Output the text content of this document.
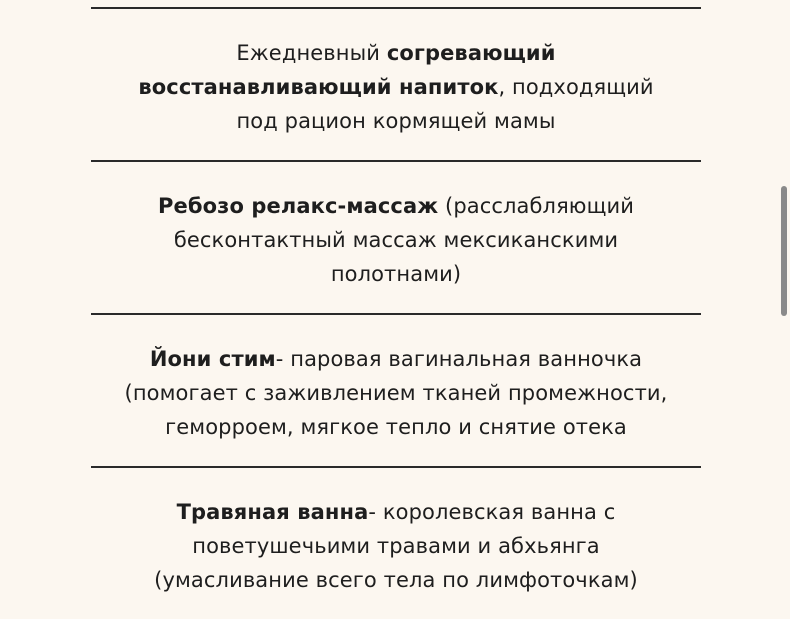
Ежедневный согревающий
восстанавливающий напиток, подходящий
под рацион кормящей мамы
Ребозо релакс-массаж (расслабляющий
бесконтактный массаж мексиканскими
полотнами)
Йони стим- паровая вагинальная ванночка
(помогает с заживлением тканей промежности,
геморроем, мягкое тепло и снятие отека
Травяная ванна- королевская ванна с
поветушечьими травами и абхьянга
(умасливание всего тела по лимфоточкам)
